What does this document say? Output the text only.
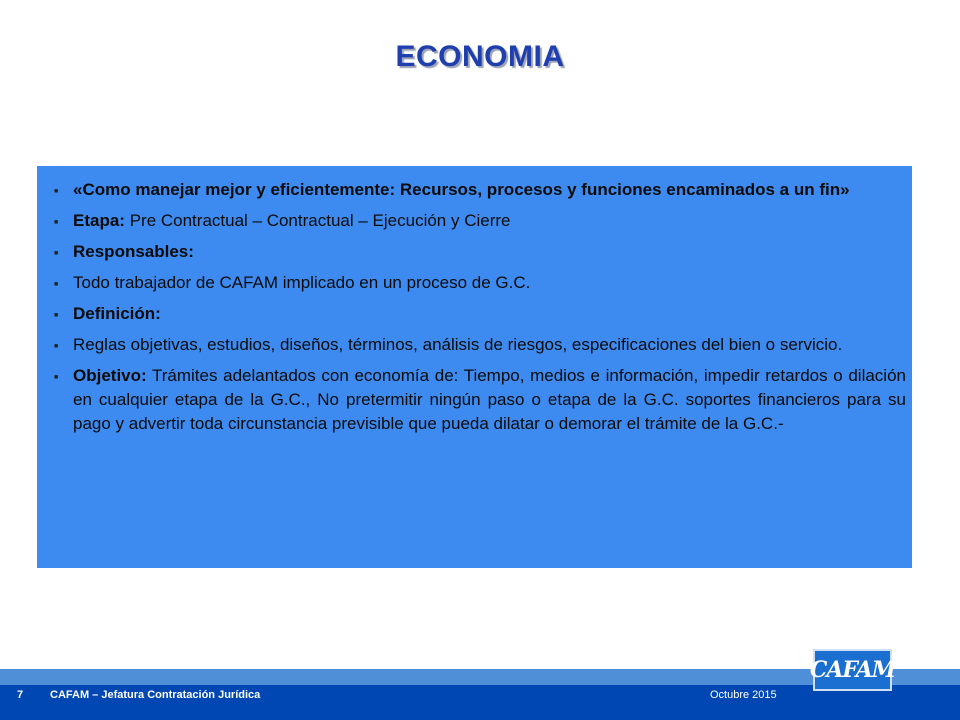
ECONOMIA
■ «Como manejar mejor y eficientemente: Recursos, procesos y funciones encaminados a un fin»
■ Etapa: Pre Contractual – Contractual – Ejecución y Cierre
■ Responsables:
■ Todo trabajador de CAFAM implicado en un proceso de G.C.
■ Definición:
■ Reglas objetivas, estudios, diseños, términos, análisis de riesgos, especificaciones del bien o servicio.
■ Objetivo: Trámites adelantados con economía de: Tiempo, medios e información, impedir retardos o dilación en cualquier etapa de la G.C., No pretermitir ningún paso o etapa de la G.C. soportes financieros para su pago y advertir toda circunstancia previsible que pueda dilatar o demorar el trámite de la G.C.-
7 CAFAM – Jefatura Contratación Jurídica	Octubre 2015
CAFAM
